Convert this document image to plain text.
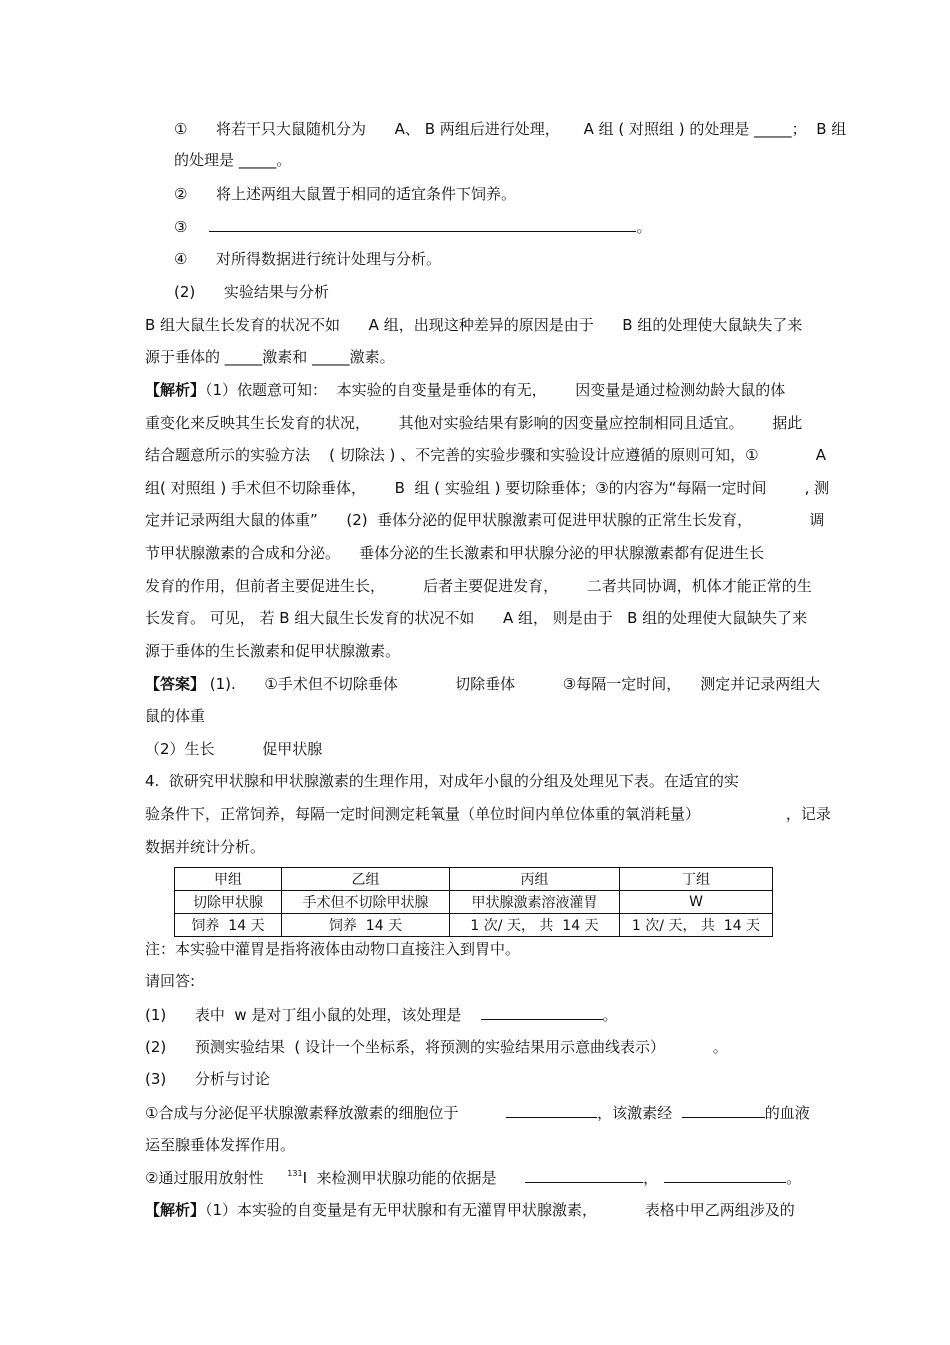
①      将若干只大鼠随机分为      A、 B 两组后进行处理，     A 组 ( 对照组 ) 的处理是 _____；  B 组
的处理是 _____。
②      将上述两组大鼠置于相同的适宜条件下饲养。
③	。
④      对所得数据进行统计处理与分析。
(2)      实验结果与分析
B 组大鼠生长发育的状况不如      A 组，出现这种差异的原因是由于      B 组的处理使大鼠缺失了来
源于垂体的 _____激素和 _____激素。
【解析】（1）依题意可知：  本实验的自变量是垂体的有无，      因变量是通过检测幼龄大鼠的体
重变化来反映其生长发育的状况，      其他对实验结果有影响的因变量应控制相同且适宜。      据此
结合题意所示的实验方法    ( 切除法 ) 、不完善的实验步骤和实验设计应遵循的原则可知，①            A
组( 对照组 ) 手术但不切除垂体，      B  组 ( 实验组 ) 要切除垂体；③的内容为“每隔一定时间        , 测
定并记录两组大鼠的体重”      (2)  垂体分泌的促甲状腺激素可促进甲状腺的正常生长发育，            调
节甲状腺激素的合成和分泌。    垂体分泌的生长激素和甲状腺分泌的甲状腺激素都有促进生长
发育的作用，但前者主要促进生长，        后者主要促进发育，      二者共同协调，机体才能正常的生
长发育。 可见， 若 B 组大鼠生长发育的状况不如      A 组， 则是由于   B 组的处理使大鼠缺失了来
源于垂体的生长激素和促甲状腺激素。
【答案】 (1).      ①手术但不切除垂体            切除垂体          ③每隔一定时间，    测定并记录两组大
鼠的体重
（2）生长          促甲状腺
4.  欲研究甲状腺和甲状腺激素的生理作用，对成年小鼠的分组及处理见下表。在适宜的实
验条件下，正常饲养，每隔一定时间测定耗氧量（单位时间内单位体重的氧消耗量）                  ，记录
数据并统计分析。
甲组	乙组	丙组	丁组
切除甲状腺	手术但不切除甲状腺	甲状腺激素溶液灌胃	W
饲养  14 天	饲养  14 天	1 次/ 天， 共  14 天	1 次/ 天， 共  14 天
注：本实验中灌胃是指将液体由动物口直接注入到胃中。
请回答:
(1)      表中  w 是对丁组小鼠的处理，该处理是	。
(2)      预测实验结果  ( 设计一个坐标系，将预测的实验结果用示意曲线表示）          。
(3)      分析与讨论
①合成与分泌促平状腺激素释放激素的细胞位于	，该激素经	的血液
运至腺垂体发挥作用。
②通过服用放射性     $^{131}$I  来检测甲状腺功能的依据是	，	。
【解析】（1）本实验的自变量是有无甲状腺和有无灌胃甲状腺激素，          表格中甲乙两组涉及的
